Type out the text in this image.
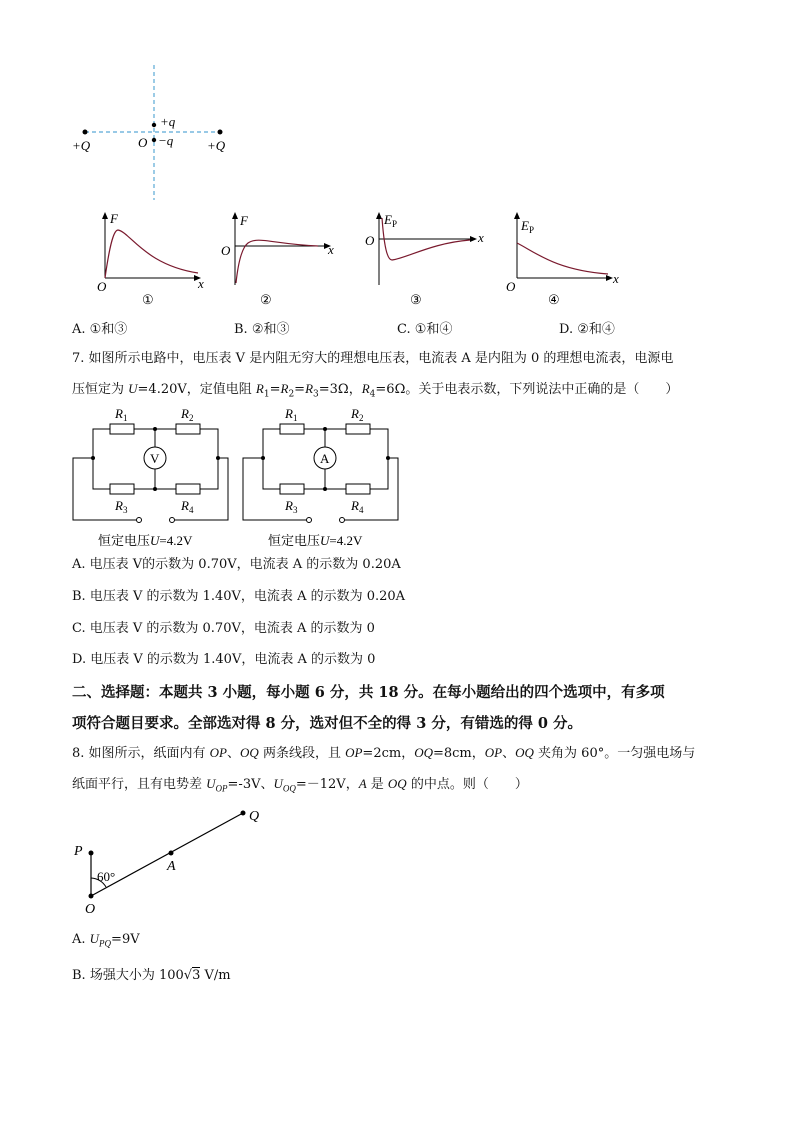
+q
−q
O
+Q	+Q
F
x
O
①
F
x
O
②
$E_P$
x
O
③
$E_P$
x
O
④
A. ①和③	B. ②和③	C. ①和④	D. ②和④
7. 如图所示电路中，电压表 V 是内阻无穷大的理想电压表，电流表 A 是内阻为 0 的理想电流表，电源电
压恒定为 U=4.20V，定值电阻 $R_1=R_2=R_3=3\Omega$，$R_4=6\Omega$。关于电表示数，下列说法中正确的是（　　）
V
$R_1$	$R_2$
$R_3$	$R_4$
恒定电压U=4.2V
A
$R_1$	$R_2$
$R_3$	$R_4$
恒定电压U=4.2V
A. 电压表 V的示数为 0.70V，电流表 A 的示数为 0.20A
B. 电压表 V 的示数为 1.40V，电流表 A 的示数为 0.20A
C. 电压表 V 的示数为 0.70V，电流表 A 的示数为 0
D. 电压表 V 的示数为 1.40V，电流表 A 的示数为 0
二、选择题：本题共 3 小题，每小题 6 分，共 18 分。在每小题给出的四个选项中，有多项
项符合题目要求。全部选对得 8 分，选对但不全的得 3 分，有错选的得 0 分。
8. 如图所示，纸面内有 OP、OQ 两条线段，且 OP=2cm，OQ=8cm，OP、OQ 夹角为 60°。一匀强电场与
纸面平行，且有电势差 $U_{OP}=-3V$、$U_{OQ}=-12V$，A 是 OQ 的中点。则（　　）
P
Q
A
O
60°
A. $U_{PQ}=9V$
B. 场强大小为 100√3 V/m
